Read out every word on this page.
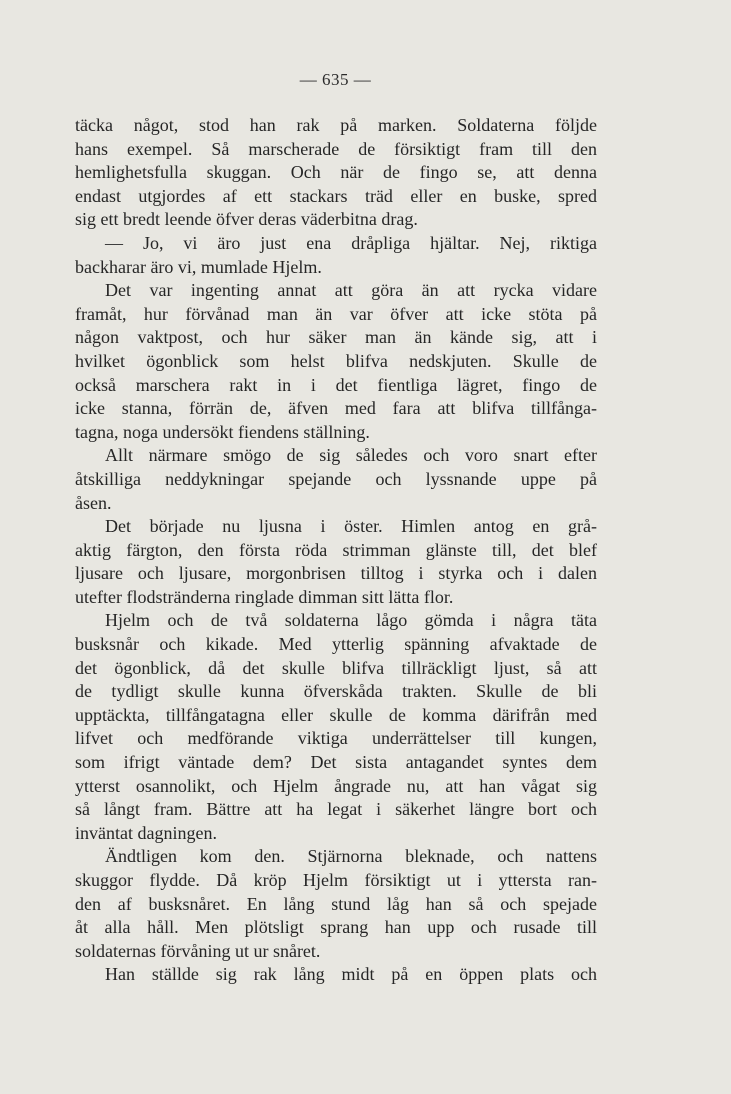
— 635 —
täcka något, stod han rak på marken. Soldaterna följde
hans exempel. Så marscherade de försiktigt fram till den
hemlighetsfulla skuggan. Och när de fingo se, att denna
endast utgjordes af ett stackars träd eller en buske, spred
sig ett bredt leende öfver deras väderbitna drag.
— Jo, vi äro just ena dråpliga hjältar. Nej, riktiga
backharar äro vi, mumlade Hjelm.
Det var ingenting annat att göra än att rycka vidare
framåt, hur förvånad man än var öfver att icke stöta på
någon vaktpost, och hur säker man än kände sig, att i
hvilket ögonblick som helst blifva nedskjuten. Skulle de
också marschera rakt in i det fientliga lägret, fingo de
icke stanna, förrän de, äfven med fara att blifva tillfånga-
tagna, noga undersökt fiendens ställning.
Allt närmare smögo de sig således och voro snart efter
åtskilliga neddykningar spejande och lyssnande uppe på
åsen.
Det började nu ljusna i öster. Himlen antog en grå-
aktig färgton, den första röda strimman glänste till, det blef
ljusare och ljusare, morgonbrisen tilltog i styrka och i dalen
utefter flodstränderna ringlade dimman sitt lätta flor.
Hjelm och de två soldaterna lågo gömda i några täta
busksnår och kikade. Med ytterlig spänning afvaktade de
det ögonblick, då det skulle blifva tillräckligt ljust, så att
de tydligt skulle kunna öfverskåda trakten. Skulle de bli
upptäckta, tillfångatagna eller skulle de komma därifrån med
lifvet och medförande viktiga underrättelser till kungen,
som ifrigt väntade dem? Det sista antagandet syntes dem
ytterst osannolikt, och Hjelm ångrade nu, att han vågat sig
så långt fram. Bättre att ha legat i säkerhet längre bort och
inväntat dagningen.
Ändtligen kom den. Stjärnorna bleknade, och nattens
skuggor flydde. Då kröp Hjelm försiktigt ut i yttersta ran-
den af busksnåret. En lång stund låg han så och spejade
åt alla håll. Men plötsligt sprang han upp och rusade till
soldaternas förvåning ut ur snåret.
Han ställde sig rak lång midt på en öppen plats och
